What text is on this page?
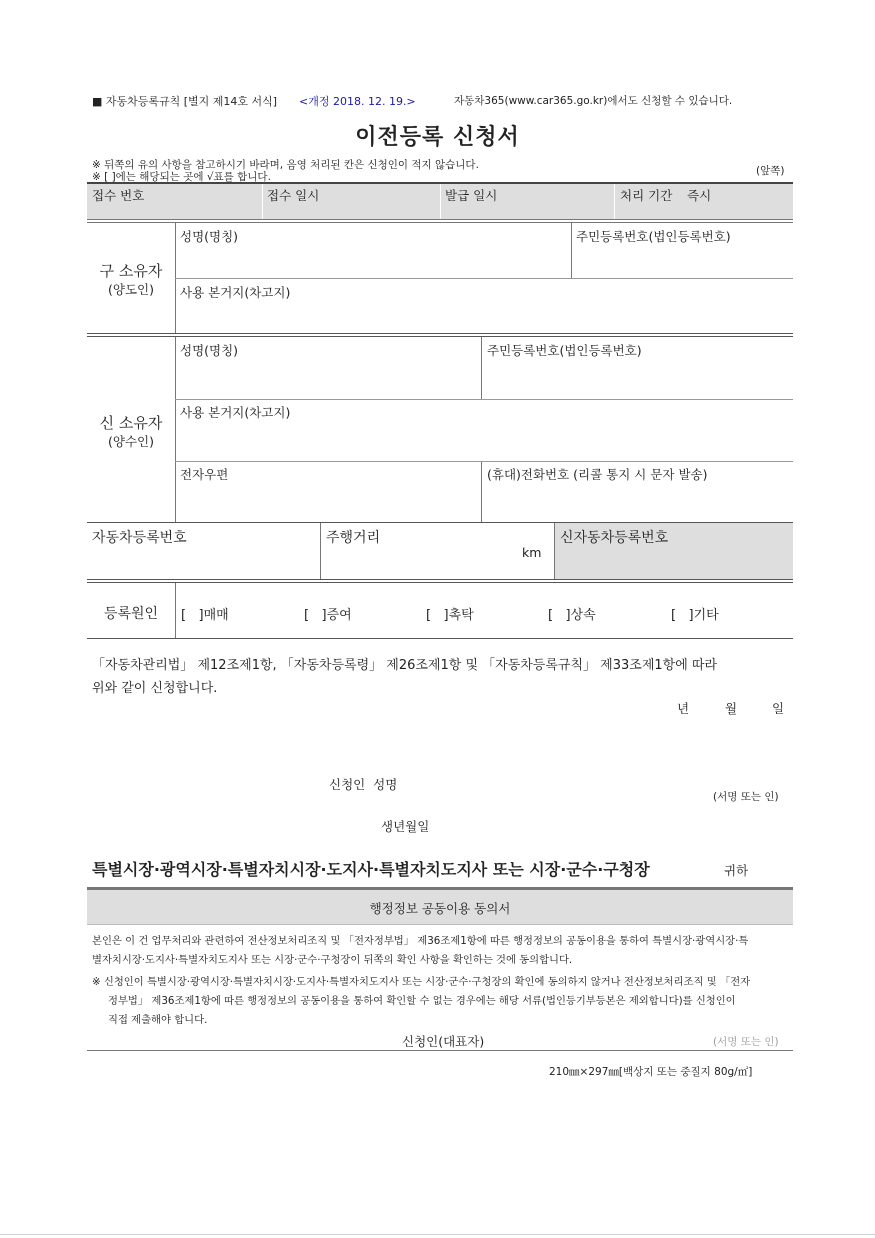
■ 자동차등록규칙 [별지 제14호 서식] <개정 2018. 12. 19.>	자동차365(www.car365.go.kr)에서도 신청할 수 있습니다.
이전등록 신청서
※ 뒤쪽의 유의 사항을 참고하시기 바라며, 음영 처리된 칸은 신청인이 적지 않습니다.
※ [ ]에는 해당되는 곳에 √표를 합니다.	(앞쪽)
접수 번호	접수 일시	발급 일시	처리 기간 즉시
구 소유자
(양도인)
성명(명칭)	주민등록번호(법인등록번호)
사용 본거지(차고지)
신 소유자
(양수인)
성명(명칭)	주민등록번호(법인등록번호)
사용 본거지(차고지)
전자우편	(휴대)전화번호 (리콜 통지 시 문자 발송)
자동차등록번호	주행거리
km
신자동차등록번호
등록원인	[ ]매매	[ ]증여	[ ]촉탁	[ ]상속	[ ]기타
「자동차관리법」 제12조제1항, 「자동차등록령」 제26조제1항 및 「자동차등록규칙」 제33조제1항에 따라
위와 같이 신청합니다.
년	월	일
신청인  성명
(서명 또는 인)
생년월일
특별시장·광역시장·특별자치시장·도지사·특별자치도지사 또는 시장·군수·구청장	귀하
행정정보 공동이용 동의서
본인은 이 건 업무처리와 관련하여 전산정보처리조직 및 「전자정부법」 제36조제1항에 따른 행정정보의 공동이용을 통하여 특별시장·광역시장·특
별자치시장·도지사·특별자치도지사 또는 시장·군수·구청장이 뒤쪽의 확인 사항을 확인하는 것에 동의합니다.
※ 신청인이 특별시장·광역시장·특별자치시장·도지사·특별자치도지사 또는 시장·군수·구청장의 확인에 동의하지 않거나 전산정보처리조직 및 「전자
정부법」 제36조제1항에 따른 행정정보의 공동이용을 통하여 확인할 수 없는 경우에는 해당 서류(법인등기부등본은 제외합니다)를 신청인이
직접 제출해야 합니다.
신청인(대표자)	(서명 또는 인)
210㎜×297㎜[백상지 또는 중질지 80g/㎡]
